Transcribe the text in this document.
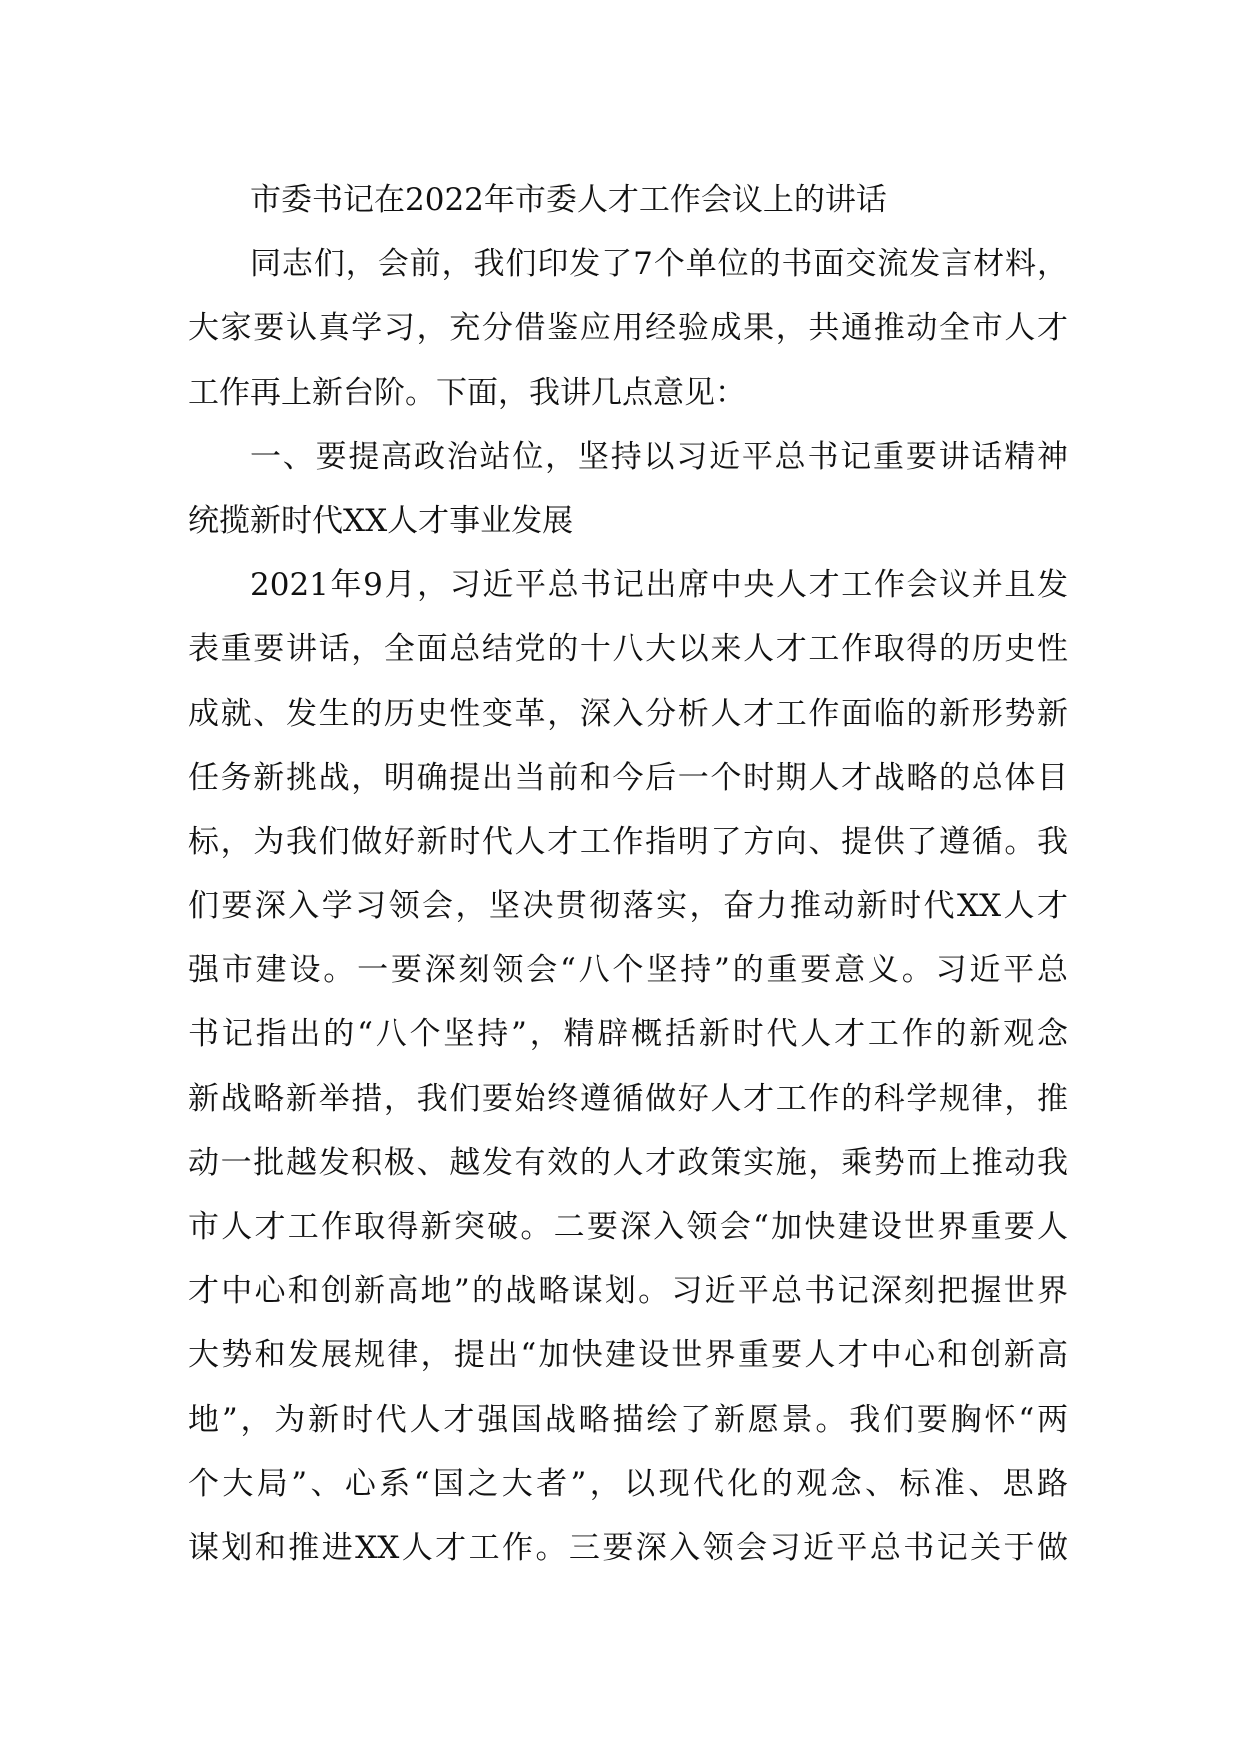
市委书记在2022年市委人才工作会议上的讲话
同志们，会前，我们印发了7个单位的书面交流发言材料，
大家要认真学习，充分借鉴应用经验成果，共通推动全市人才
工作再上新台阶。下面，我讲几点意见：
一、要提高政治站位，坚持以习近平总书记重要讲话精神
统揽新时代XX人才事业发展
2021年9月，习近平总书记出席中央人才工作会议并且发
表重要讲话，全面总结党的十八大以来人才工作取得的历史性
成就、发生的历史性变革，深入分析人才工作面临的新形势新
任务新挑战，明确提出当前和今后一个时期人才战略的总体目
标，为我们做好新时代人才工作指明了方向、提供了遵循。我
们要深入学习领会，坚决贯彻落实，奋力推动新时代XX人才
强市建设。一要深刻领会“八个坚持”的重要意义。习近平总
书记指出的“八个坚持”，精辟概括新时代人才工作的新观念
新战略新举措，我们要始终遵循做好人才工作的科学规律，推
动一批越发积极、越发有效的人才政策实施，乘势而上推动我
市人才工作取得新突破。二要深入领会“加快建设世界重要人
才中心和创新高地”的战略谋划。习近平总书记深刻把握世界
大势和发展规律，提出“加快建设世界重要人才中心和创新高
地”，为新时代人才强国战略描绘了新愿景。我们要胸怀“两
个大局”、心系“国之大者”，以现代化的观念、标准、思路
谋划和推进XX人才工作。三要深入领会习近平总书记关于做
